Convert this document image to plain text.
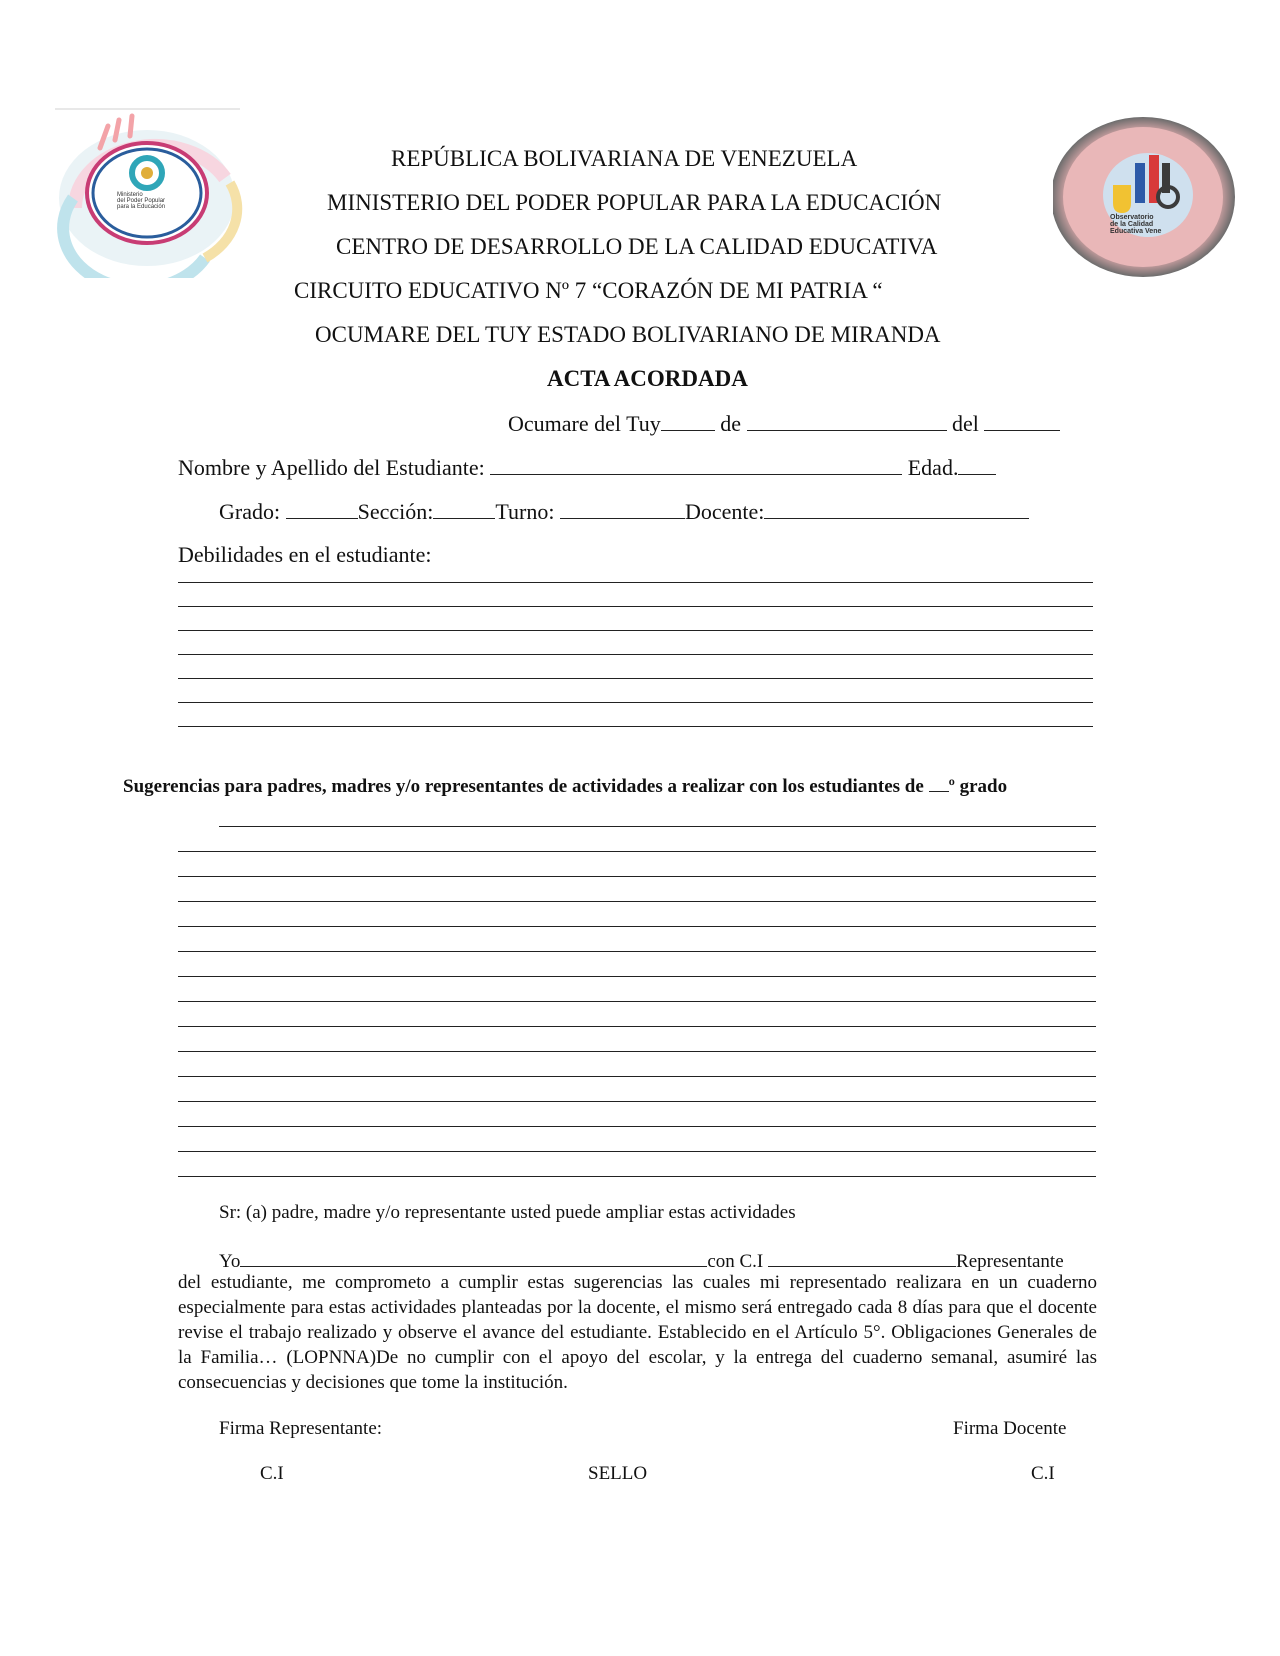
Ministerio
del Poder Popular
para la Educación
Observatorio
de la Calidad
Educativa Vene
REPÚBLICA BOLIVARIANA DE VENEZUELA
MINISTERIO DEL PODER POPULAR PARA LA EDUCACIÓN
CENTRO DE DESARROLLO DE LA CALIDAD EDUCATIVA
CIRCUITO EDUCATIVO Nº 7 “CORAZÓN DE MI PATRIA “
OCUMARE DEL TUY ESTADO BOLIVARIANO DE MIRANDA
ACTA ACORDADA
Ocumare del Tuy	de	del
Nombre y Apellido del Estudiante:	Edad.
Grado:	Sección:	Turno:	Docente:
Debilidades en el estudiante:
Sugerencias para padres, madres y/o representantes de actividades a realizar con los estudiantes de º grado
Sr: (a) padre, madre y/o representante usted puede ampliar estas actividades
Yo	con C.I	Representante
del estudiante, me comprometo a cumplir estas sugerencias las cuales mi representado realizara en un cuaderno especialmente para estas actividades planteadas por la docente, el mismo será entregado cada 8 días para que el docente revise el trabajo realizado y observe el avance del estudiante. Establecido en el Artículo 5°. Obligaciones Generales de la Familia… (LOPNNA)De no cumplir con el apoyo del escolar, y la entrega del cuaderno semanal, asumiré las consecuencias y decisiones que tome la institución.
Firma Representante:	Firma Docente
C.I	SELLO	C.I
